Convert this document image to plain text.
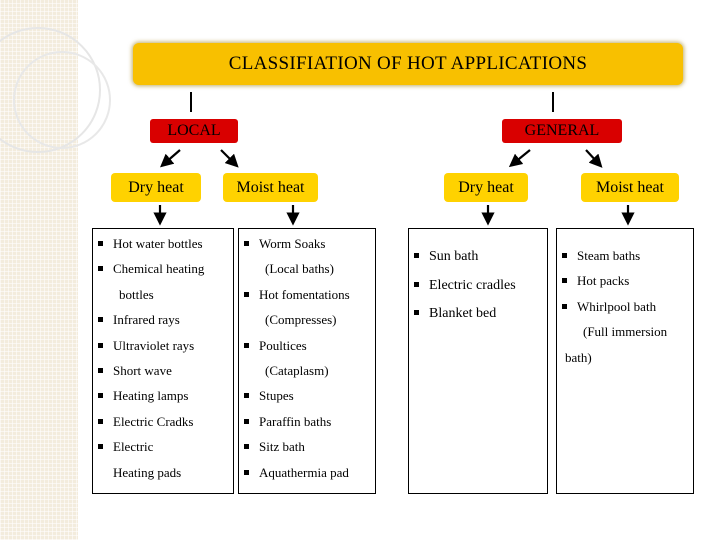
CLASSIFIATION OF HOT APPLICATIONS
LOCAL	GENERAL
Dry heat	Moist heat	Dry heat	Moist heat
Hot water bottles
Chemical heating
bottles
Infrared rays
Ultraviolet rays
Short wave
Heating lamps
Electric Cradks
Electric
Heating pads
Worm Soaks
(Local baths)
Hot fomentations
(Compresses)
Poultices
(Cataplasm)
Stupes
Paraffin baths
Sitz bath
Aquathermia pad
Sun bath
Electric cradles
Blanket bed
Steam baths
Hot packs
Whirlpool bath
(Full immersion
bath)
